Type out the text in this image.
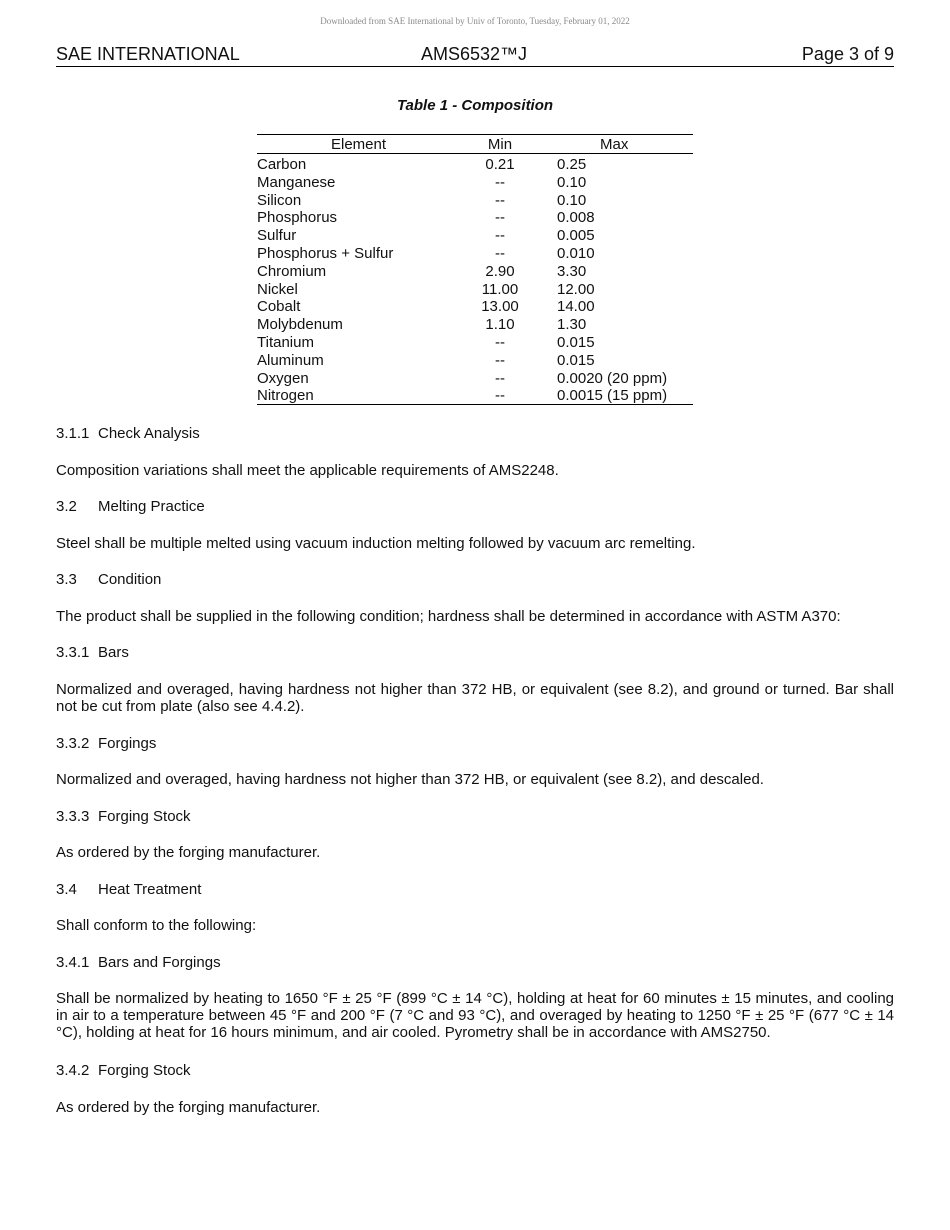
Downloaded from SAE International by Univ of Toronto, Tuesday, February 01, 2022
SAE INTERNATIONAL	AMS6532™J	Page 3 of 9
Table 1 - Composition
Element	Min	Max
Carbon	0.21	0.25
Manganese	--	0.10
Silicon	--	0.10
Phosphorus	--	0.008
Sulfur	--	0.005
Phosphorus + Sulfur	--	0.010
Chromium	2.90	3.30
Nickel	11.00	12.00
Cobalt	13.00	14.00
Molybdenum	1.10	1.30
Titanium	--	0.015
Aluminum	--	0.015
Oxygen	--	0.0020 (20 ppm)
Nitrogen	--	0.0015 (15 ppm)
3.1.1 Check Analysis
Composition variations shall meet the applicable requirements of AMS2248.
3.2 Melting Practice
Steel shall be multiple melted using vacuum induction melting followed by vacuum arc remelting.
3.3 Condition
The product shall be supplied in the following condition; hardness shall be determined in accordance with ASTM A370:
3.3.1 Bars
Normalized and overaged, having hardness not higher than 372 HB, or equivalent (see 8.2), and ground or turned. Bar shall not be cut from plate (also see 4.4.2).
3.3.2 Forgings
Normalized and overaged, having hardness not higher than 372 HB, or equivalent (see 8.2), and descaled.
3.3.3 Forging Stock
As ordered by the forging manufacturer.
3.4 Heat Treatment
Shall conform to the following:
3.4.1 Bars and Forgings
Shall be normalized by heating to 1650 °F ± 25 °F (899 °C ± 14 °C), holding at heat for 60 minutes ± 15 minutes, and cooling in air to a temperature between 45 °F and 200 °F (7 °C and 93 °C), and overaged by heating to 1250 °F ± 25 °F (677 °C ± 14 °C), holding at heat for 16 hours minimum, and air cooled. Pyrometry shall be in accordance with AMS2750.
3.4.2 Forging Stock
As ordered by the forging manufacturer.
